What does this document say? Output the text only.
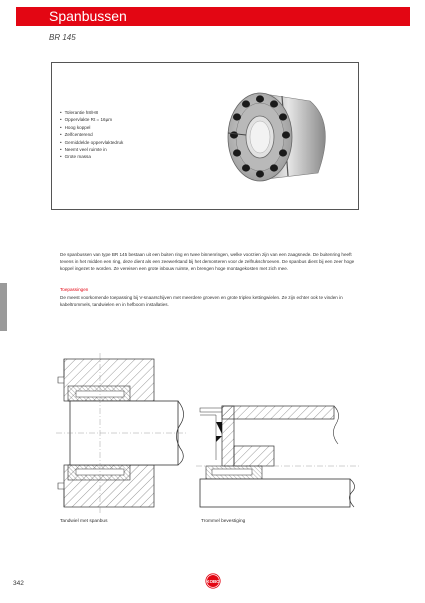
Spanbussen
BR 145
• Tolerantie h8/H8
• Oppervlakte Rt = 16µm
• Hoog koppel
• Zelfcenterend
• Gemiddelde oppervlaktedruk
• Neemt veel ruimte in
• Grote massa

De spanbussen van type BR 145 bestaan uit een buiten ring en twee binnenringen, welke voorzien zijn van een zaagsnede. De buitenring heeft tevens in het midden een ring, deze dient als een zeewerktand bij het demonteren voor de zelfrukschroeven. De spanbus dient bij een zeer hoge koppel ingezet te worden. Ze vereisen een grote inbouw ruimte, en brengen hoge montagekosten met zich mee.

Toepassingen

De meest voorkomende toepassing bij V-snaarschijven met meerdere groeven en grote triplex kettingwielen. Ze zijn echter ook te vinden in kabeltrommels, tandwielen en in hefboom installaties.

Tandwiel met spanbus	Trommel bevestiging
342	KOBO
